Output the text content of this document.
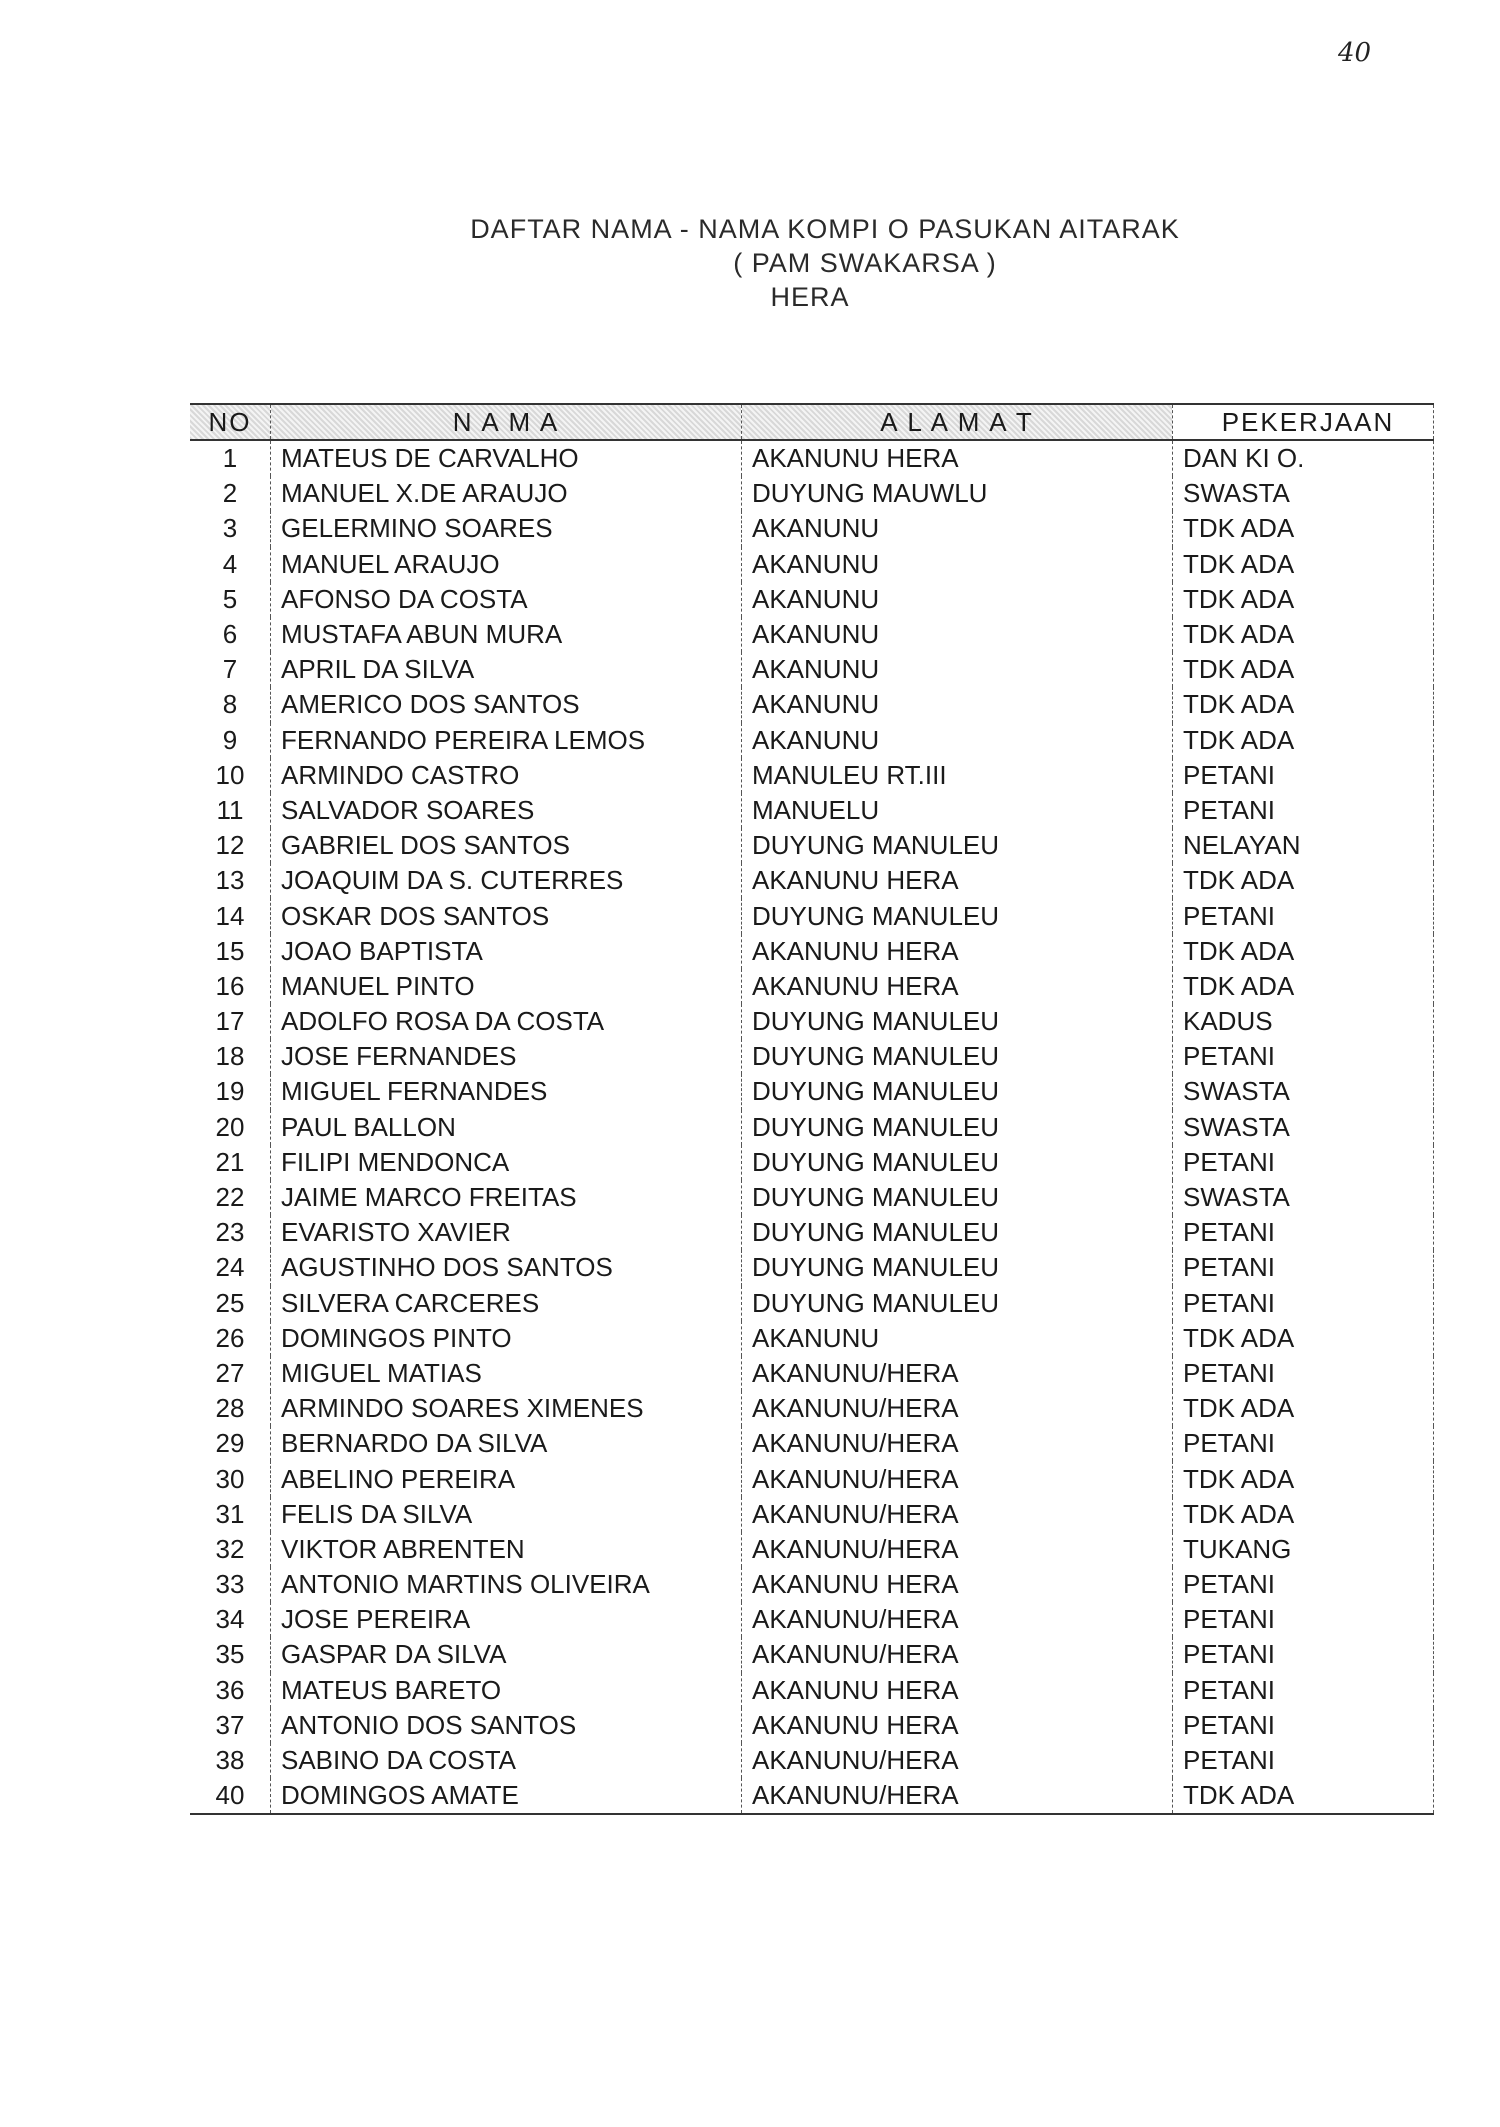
40
DAFTAR NAMA - NAMA KOMPI O PASUKAN AITARAK
( PAM SWAKARSA )
HERA
NO	N A M A	A L A M A T	PEKERJAAN
1	MATEUS DE CARVALHO	AKANUNU HERA	DAN KI O.
2	MANUEL X.DE ARAUJO	DUYUNG MAUWLU	SWASTA
3	GELERMINO SOARES	AKANUNU	TDK ADA
4	MANUEL ARAUJO	AKANUNU	TDK ADA
5	AFONSO DA COSTA	AKANUNU	TDK ADA
6	MUSTAFA ABUN MURA	AKANUNU	TDK ADA
7	APRIL DA SILVA	AKANUNU	TDK ADA
8	AMERICO DOS SANTOS	AKANUNU	TDK ADA
9	FERNANDO PEREIRA LEMOS	AKANUNU	TDK ADA
10	ARMINDO CASTRO	MANULEU RT.III	PETANI
11	SALVADOR SOARES	MANUELU	PETANI
12	GABRIEL DOS SANTOS	DUYUNG MANULEU	NELAYAN
13	JOAQUIM DA S. CUTERRES	AKANUNU HERA	TDK ADA
14	OSKAR DOS SANTOS	DUYUNG MANULEU	PETANI
15	JOAO BAPTISTA	AKANUNU HERA	TDK ADA
16	MANUEL PINTO	AKANUNU HERA	TDK ADA
17	ADOLFO ROSA DA COSTA	DUYUNG MANULEU	KADUS
18	JOSE FERNANDES	DUYUNG MANULEU	PETANI
19	MIGUEL FERNANDES	DUYUNG MANULEU	SWASTA
20	PAUL BALLON	DUYUNG MANULEU	SWASTA
21	FILIPI MENDONCA	DUYUNG MANULEU	PETANI
22	JAIME MARCO FREITAS	DUYUNG MANULEU	SWASTA
23	EVARISTO XAVIER	DUYUNG MANULEU	PETANI
24	AGUSTINHO DOS SANTOS	DUYUNG MANULEU	PETANI
25	SILVERA CARCERES	DUYUNG MANULEU	PETANI
26	DOMINGOS PINTO	AKANUNU	TDK ADA
27	MIGUEL MATIAS	AKANUNU/HERA	PETANI
28	ARMINDO SOARES XIMENES	AKANUNU/HERA	TDK ADA
29	BERNARDO DA SILVA	AKANUNU/HERA	PETANI
30	ABELINO PEREIRA	AKANUNU/HERA	TDK ADA
31	FELIS DA SILVA	AKANUNU/HERA	TDK ADA
32	VIKTOR ABRENTEN	AKANUNU/HERA	TUKANG
33	ANTONIO MARTINS OLIVEIRA	AKANUNU HERA	PETANI
34	JOSE PEREIRA	AKANUNU/HERA	PETANI
35	GASPAR DA SILVA	AKANUNU/HERA	PETANI
36	MATEUS BARETO	AKANUNU HERA	PETANI
37	ANTONIO DOS SANTOS	AKANUNU HERA	PETANI
38	SABINO DA COSTA	AKANUNU/HERA	PETANI
40	DOMINGOS AMATE	AKANUNU/HERA	TDK ADA
